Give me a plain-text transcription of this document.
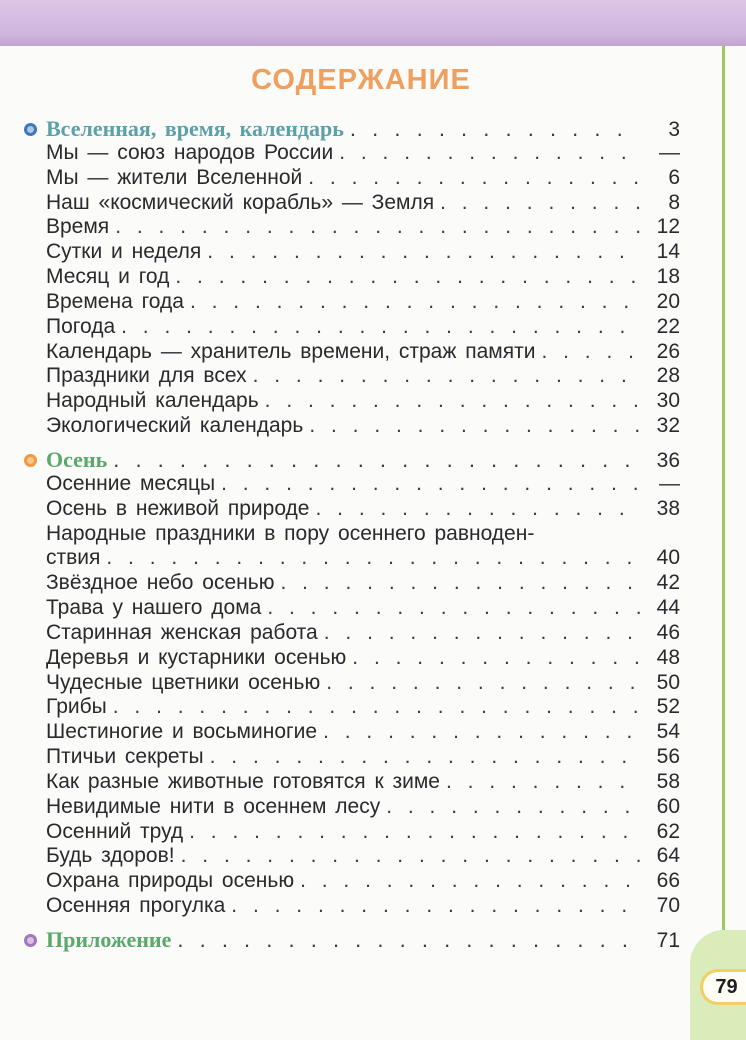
79
СОДЕРЖАНИЕ
Вселенная, время, календарь . . .	3
Мы — союз народов России . . .	—
Мы — жители Вселенной . . .	6
Наш «космический корабль» — Земля . . .	8
Время . . .	12
Сутки и неделя . . .	14
Месяц и год . . .	18
Времена года . . .	20
Погода . . .	22
Календарь — хранитель времени, страж памяти . . .	26
Праздники для всех . . .	28
Народный календарь . . .	30
Экологический календарь . . .	32
Осень . . .	36
Осенние месяцы . . .	—
Осень в неживой природе . . .	38
Народные праздники в пору осеннего равноден-
ствия . . .	40
Звёздное небо осенью . . .	42
Трава у нашего дома . . .	44
Старинная женская работа . . .	46
Деревья и кустарники осенью . . .	48
Чудесные цветники осенью . . .	50
Грибы . . .	52
Шестиногие и восьминогие . . .	54
Птичьи секреты . . .	56
Как разные животные готовятся к зиме . . .	58
Невидимые нити в осеннем лесу . . .	60
Осенний труд . . .	62
Будь здоров! . . .	64
Охрана природы осенью . . .	66
Осенняя прогулка . . .	70
Приложение . . .	71
